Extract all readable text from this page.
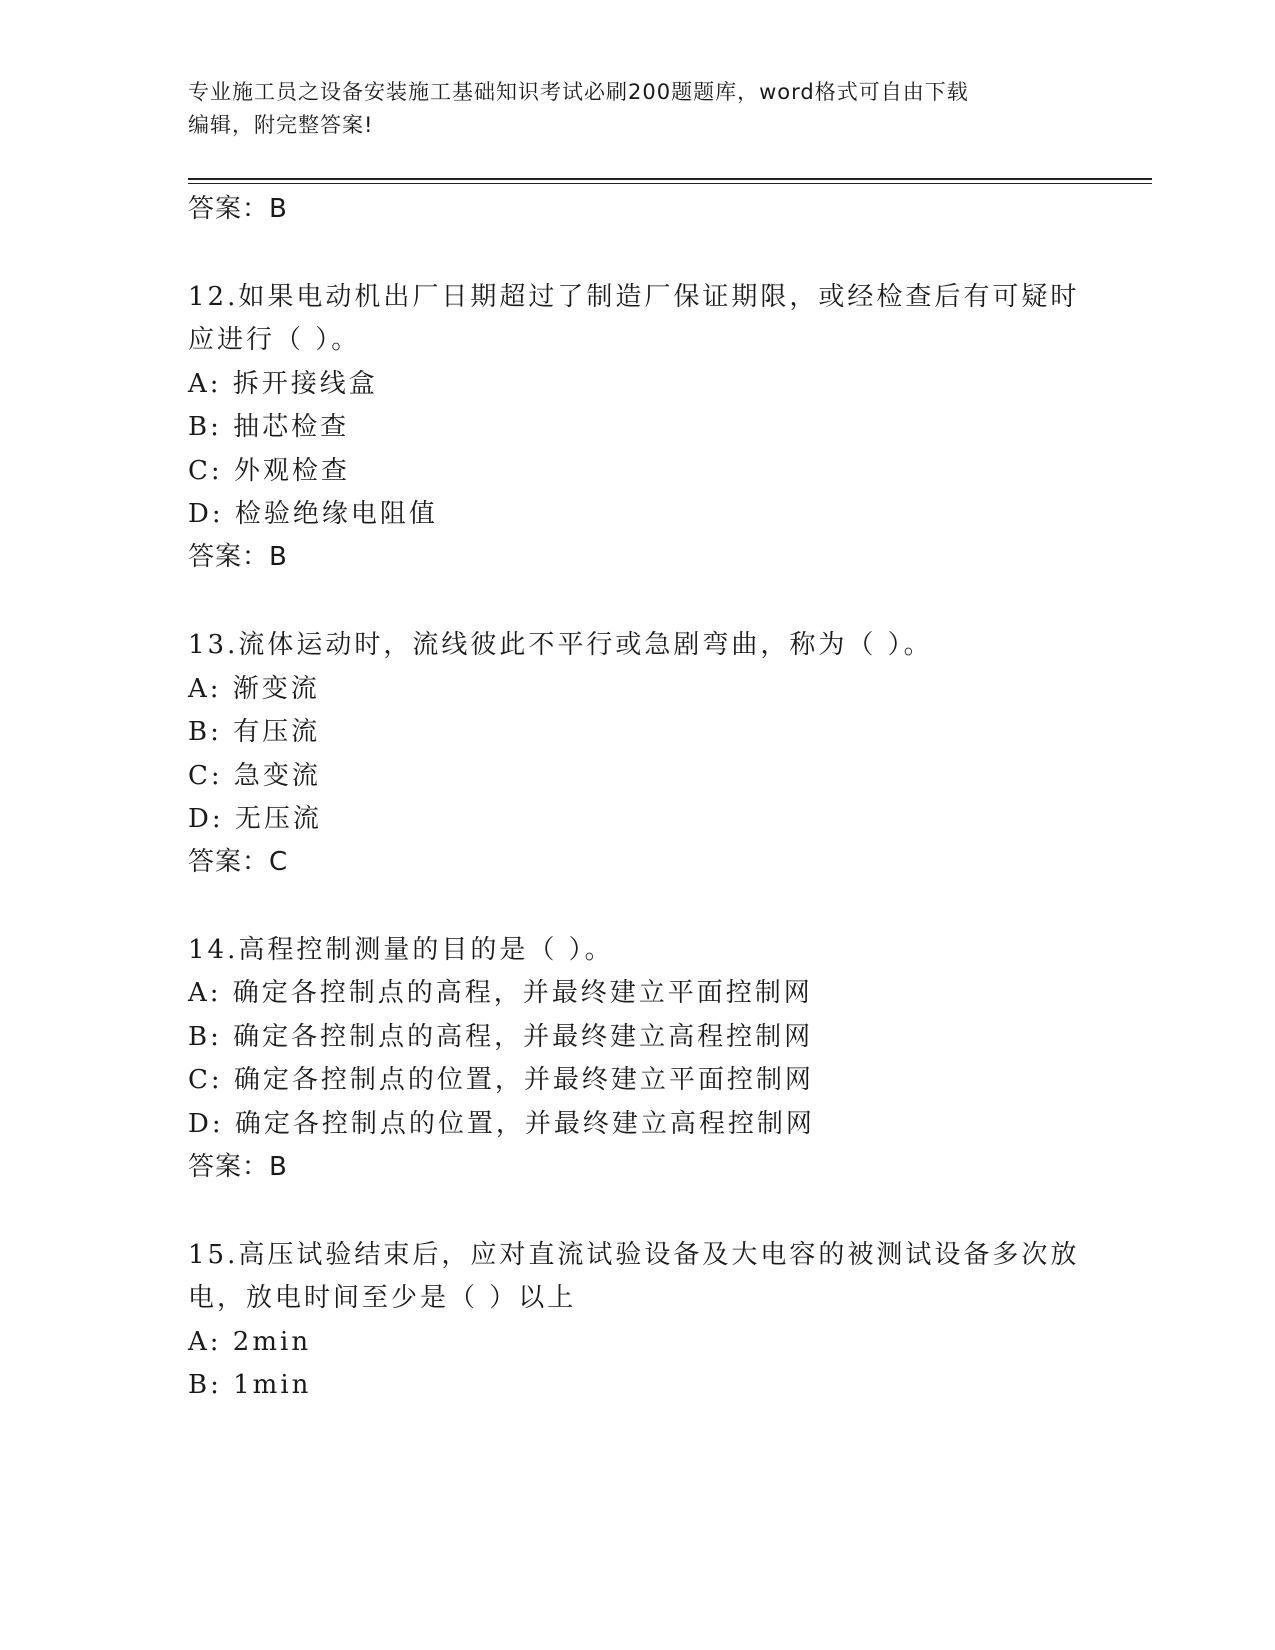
专业施工员之设备安装施工基础知识考试必刷200题题库，word格式可自由下载
编辑，附完整答案!
答案：B
12.如果电动机出厂日期超过了制造厂保证期限，或经检查后有可疑时
应进行（ ）。
A: 拆开接线盒
B: 抽芯检查
C: 外观检查
D: 检验绝缘电阻值
答案：B
13.流体运动时，流线彼此不平行或急剧弯曲，称为（ ）。
A: 渐变流
B: 有压流
C: 急变流
D: 无压流
答案：C
14.高程控制测量的目的是（ ）。
A: 确定各控制点的高程，并最终建立平面控制网
B: 确定各控制点的高程，并最终建立高程控制网
C: 确定各控制点的位置，并最终建立平面控制网
D: 确定各控制点的位置，并最终建立高程控制网
答案：B
15.高压试验结束后，应对直流试验设备及大电容的被测试设备多次放
电，放电时间至少是（ ）以上
A: 2min
B: 1min
